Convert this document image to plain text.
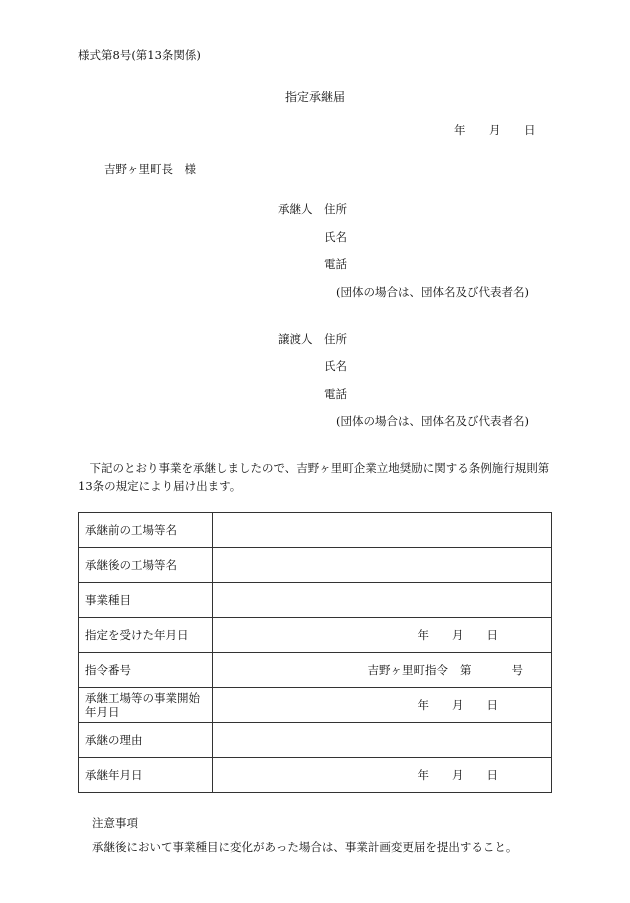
様式第8号(第13条関係)
指定承継届
年 月 日
吉野ヶ里町長　様
承継人 住所
氏名
電話
(団体の場合は、団体名及び代表者名)
譲渡人 住所
氏名
電話
(団体の場合は、団体名及び代表者名)
下記のとおり事業を承継しましたので、吉野ヶ里町企業立地奨励に関する条例施行規則第13条の規定により届け出ます。
承継前の工場等名	
承継後の工場等名	
事業種目	
指定を受けた年月日	年 月 日

指令番号	吉野ヶ里町指令 第 号

承継工場等の事業開始年月日	年 月 日

承継の理由	
承継年月日	年 月 日
注意事項
承継後において事業種目に変化があった場合は、事業計画変更届を提出すること。
